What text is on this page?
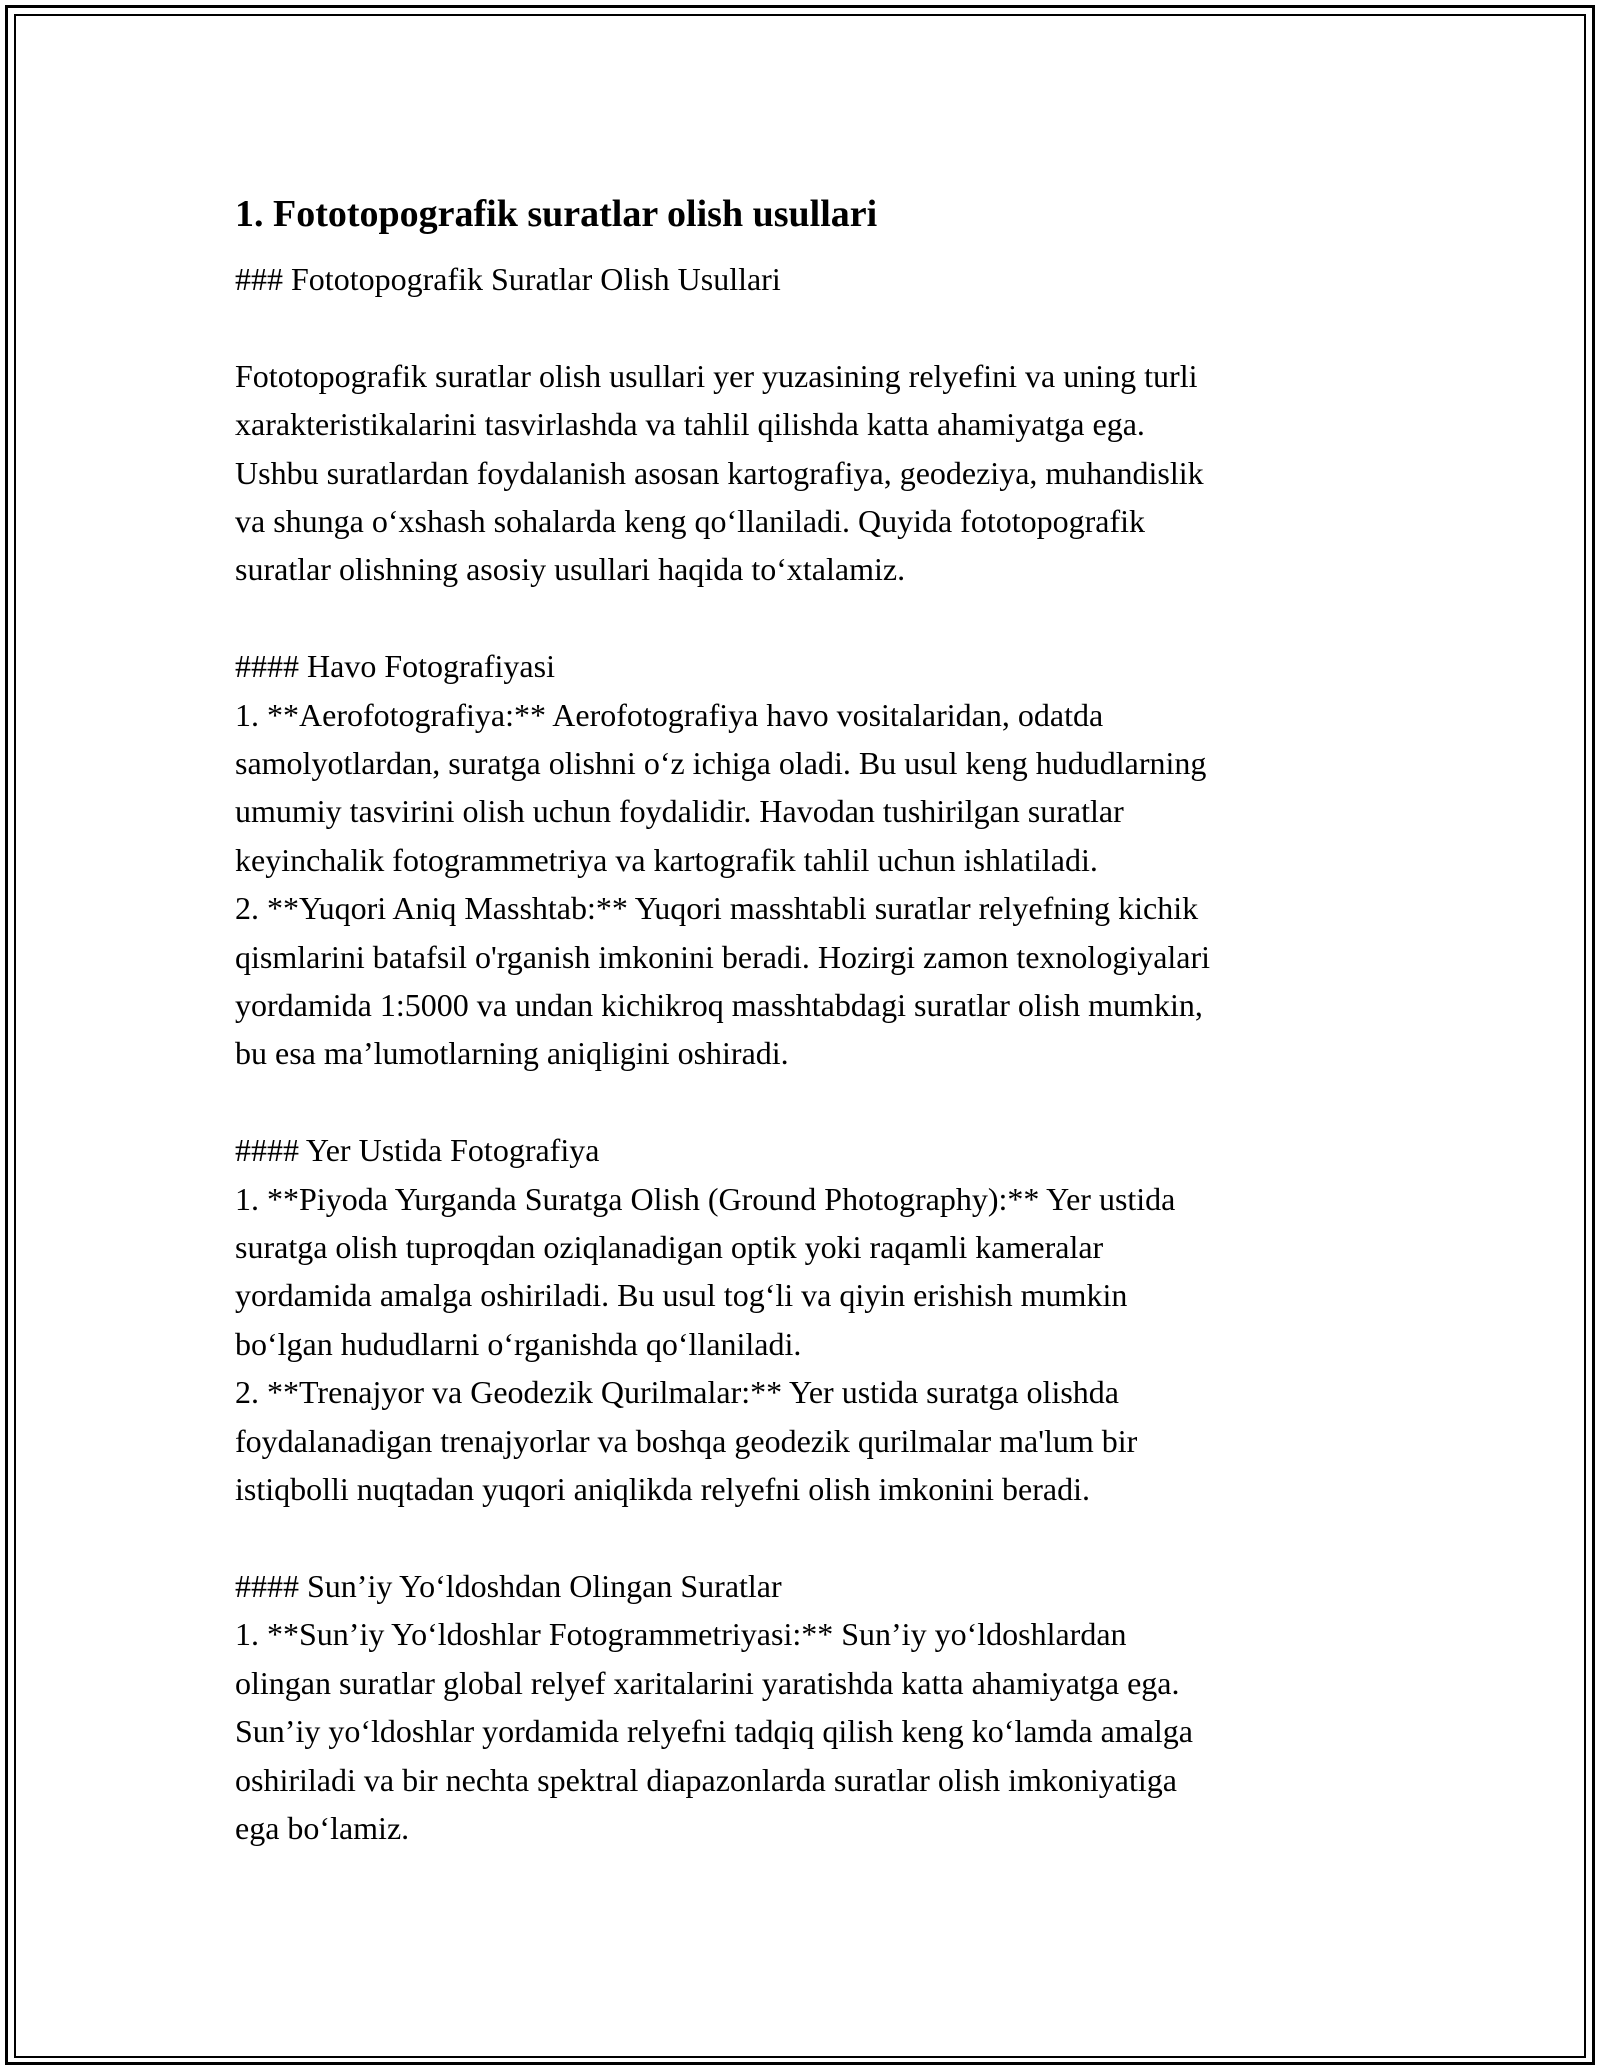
1. Fototopografik suratlar olish usullari
### Fototopografik Suratlar Olish Usullari
Fototopografik suratlar olish usullari yer yuzasining relyefini va uning turli
xarakteristikalarini tasvirlashda va tahlil qilishda katta ahamiyatga ega.
Ushbu suratlardan foydalanish asosan kartografiya, geodeziya, muhandislik
va shunga oʻxshash sohalarda keng qoʻllaniladi. Quyida fototopografik
suratlar olishning asosiy usullari haqida toʻxtalamiz.
#### Havo Fotografiyasi
1. **Aerofotografiya:** Aerofotografiya havo vositalaridan, odatda
samolyotlardan, suratga olishni oʻz ichiga oladi. Bu usul keng hududlarning
umumiy tasvirini olish uchun foydalidir. Havodan tushirilgan suratlar
keyinchalik fotogrammetriya va kartografik tahlil uchun ishlatiladi.
2. **Yuqori Aniq Masshtab:** Yuqori masshtabli suratlar relyefning kichik
qismlarini batafsil o'rganish imkonini beradi. Hozirgi zamon texnologiyalari
yordamida 1:5000 va undan kichikroq masshtabdagi suratlar olish mumkin,
bu esa ma’lumotlarning aniqligini oshiradi.
#### Yer Ustida Fotografiya
1. **Piyoda Yurganda Suratga Olish (Ground Photography):** Yer ustida
suratga olish tuproqdan oziqlanadigan optik yoki raqamli kameralar
yordamida amalga oshiriladi. Bu usul togʻli va qiyin erishish mumkin
boʻlgan hududlarni oʻrganishda qoʻllaniladi.
2. **Trenajyor va Geodezik Qurilmalar:** Yer ustida suratga olishda
foydalanadigan trenajyorlar va boshqa geodezik qurilmalar ma'lum bir
istiqbolli nuqtadan yuqori aniqlikda relyefni olish imkonini beradi.
#### Sun’iy Yoʻldoshdan Olingan Suratlar
1. **Sun’iy Yoʻldoshlar Fotogrammetriyasi:** Sun’iy yoʻldoshlardan
olingan suratlar global relyef xaritalarini yaratishda katta ahamiyatga ega.
Sun’iy yoʻldoshlar yordamida relyefni tadqiq qilish keng koʻlamda amalga
oshiriladi va bir nechta spektral diapazonlarda suratlar olish imkoniyatiga
ega boʻlamiz.
